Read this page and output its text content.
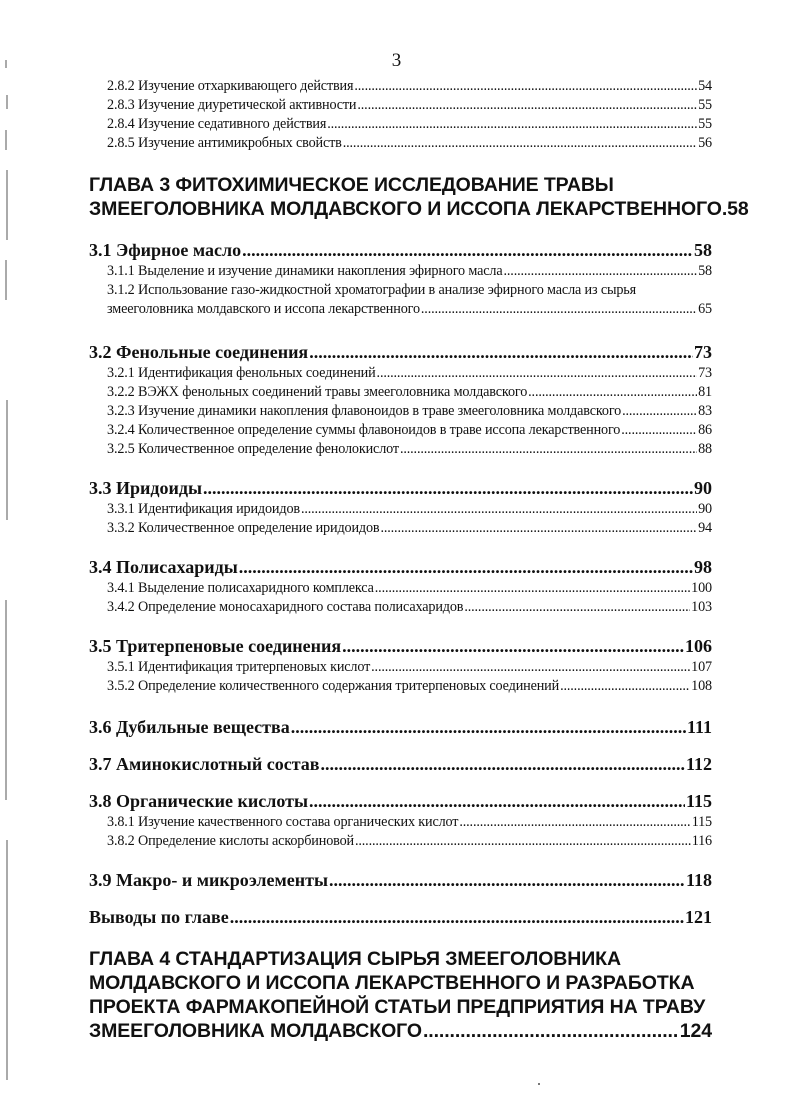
3
2.8.2 Изучение отхаркивающего действия .....	54
2.8.3 Изучение диуретической активности .....	55
2.8.4 Изучение седативного действия .....	55
2.8.5 Изучение антимикробных свойств .....	56
ГЛАВА 3 ФИТОХИМИЧЕСКОЕ ИССЛЕДОВАНИЕ ТРАВЫ
ЗМЕЕГОЛОВНИКА МОЛДАВСКОГО И ИССОПА ЛЕКАРСТВЕННОГО.58
3.1 Эфирное масло .....	58
3.1.1 Выделение и изучение динамики накопления эфирного масла .....	58
3.1.2 Использование газо-жидкостной хроматографии в анализе эфирного масла из сырья
змееголовника молдавского и иссопа лекарственного .....	65
3.2 Фенольные соединения .....	73
3.2.1 Идентификация фенольных соединений .....	73
3.2.2 ВЭЖХ фенольных соединений травы змееголовника молдавского .....	81
3.2.3 Изучение динамики накопления флавоноидов в траве змееголовника молдавского .....	83
3.2.4 Количественное определение суммы флавоноидов в траве иссопа лекарственного .....	86
3.2.5 Количественное определение фенолокислот .....	88
3.3 Иридоиды .....	90
3.3.1 Идентификация иридоидов .....	90
3.3.2 Количественное определение иридоидов .....	94
3.4 Полисахариды .....	98
3.4.1 Выделение полисахаридного комплекса .....	100
3.4.2 Определение моносахаридного состава полисахаридов .....	103
3.5 Тритерпеновые соединения .....	106
3.5.1 Идентификация тритерпеновых кислот .....	107
3.5.2 Определение количественного содержания тритерпеновых соединений .....	108
3.6 Дубильные вещества .....	111
3.7 Аминокислотный состав .....	112
3.8 Органические кислоты .....	115
3.8.1 Изучение качественного состава органических кислот .....	115
3.8.2 Определение кислоты аскорбиновой .....	116
3.9 Макро- и микроэлементы .....	118
Выводы по главе .....	121
ГЛАВА 4 СТАНДАРТИЗАЦИЯ СЫРЬЯ ЗМЕЕГОЛОВНИКА
МОЛДАВСКОГО И ИССОПА ЛЕКАРСТВЕННОГО И РАЗРАБОТКА
ПРОЕКТА ФАРМАКОПЕЙНОЙ СТАТЬИ ПРЕДПРИЯТИЯ НА ТРАВУ
ЗМЕЕГОЛОВНИКА МОЛДАВСКОГО .....	124
